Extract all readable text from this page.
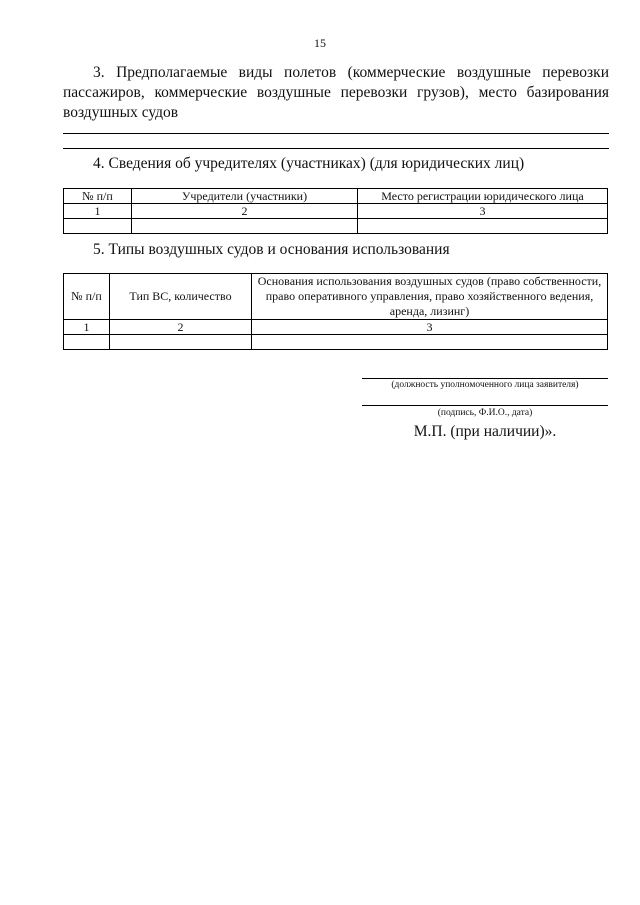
15
3. Предполагаемые виды полетов (коммерческие воздушные перевозки пассажиров, коммерческие воздушные перевозки грузов), место базирования воздушных судов
4. Сведения об учредителях (участниках) (для юридических лиц)
№ п/п	Учредители (участники)	Место регистрации юридического лица
1	2	3

5. Типы воздушных судов и основания использования
№ п/п	Тип ВС, количество	Основания использования воздушных судов (право собственности, право оперативного управления, право хозяйственного ведения, аренда, лизинг)
1	2	3

(должность уполномоченного лица заявителя)
(подпись, Ф.И.О., дата)
М.П. (при наличии)».
